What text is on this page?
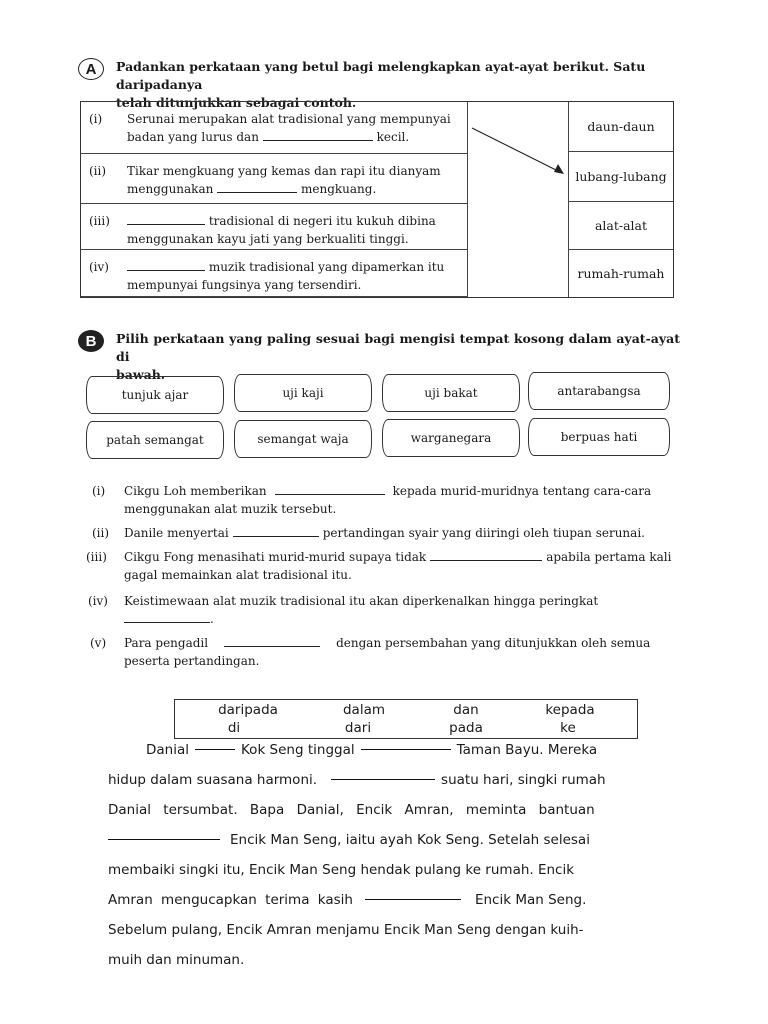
A	Padankan perkataan yang betul bagi melengkapkan ayat-ayat berikut. Satu daripadanya
telah ditunjukkan sebagai contoh.
(i)	Serunai merupakan alat tradisional yang mempunyai
badan yang lurus dan	kecil.
(ii)	Tikar mengkuang yang kemas dan rapi itu dianyam
menggunakan	mengkuang.
(iii)	tradisional di negeri itu kukuh dibina
menggunakan kayu jati yang berkualiti tinggi.
(iv)	muzik tradisional yang dipamerkan itu
mempunyai fungsinya yang tersendiri.
daun-daun
lubang-lubang
alat-alat
rumah-rumah
B	Pilih perkataan yang paling sesuai bagi mengisi tempat kosong dalam ayat-ayat di
bawah.
tunjuk ajar	uji kaji	uji bakat	antarabangsa
patah semangat	semangat waja	warganegara	berpuas hati
(i) Cikgu Loh memberikan	kepada murid-muridnya tentang cara-cara
menggunakan alat muzik tersebut.
(ii) Danile menyertai	pertandingan syair yang diiringi oleh tiupan serunai.
(iii) Cikgu Fong menasihati murid-murid supaya tidak	apabila pertama kali
gagal memainkan alat tradisional itu.
(iv) Keistimewaan alat muzik tradisional itu akan diperkenalkan hingga peringkat
.
(v) Para pengadil	dengan persembahan yang ditunjukkan oleh semua
peserta pertandingan.
daripada	dalam	dan	kepada
di	dari	pada	ke
Danial	Kok Seng tinggal	Taman Bayu. Mereka
hidup dalam suasana harmoni.	suatu hari, singki rumah
Danial tersumbat. Bapa Danial, Encik Amran, meminta bantuan
Encik Man Seng, iaitu ayah Kok Seng. Setelah selesai
membaiki singki itu, Encik Man Seng hendak pulang ke rumah. Encik
Amran mengucapkan terima kasih	Encik Man Seng.
Sebelum pulang, Encik Amran menjamu Encik Man Seng dengan kuih-
muih dan minuman.
